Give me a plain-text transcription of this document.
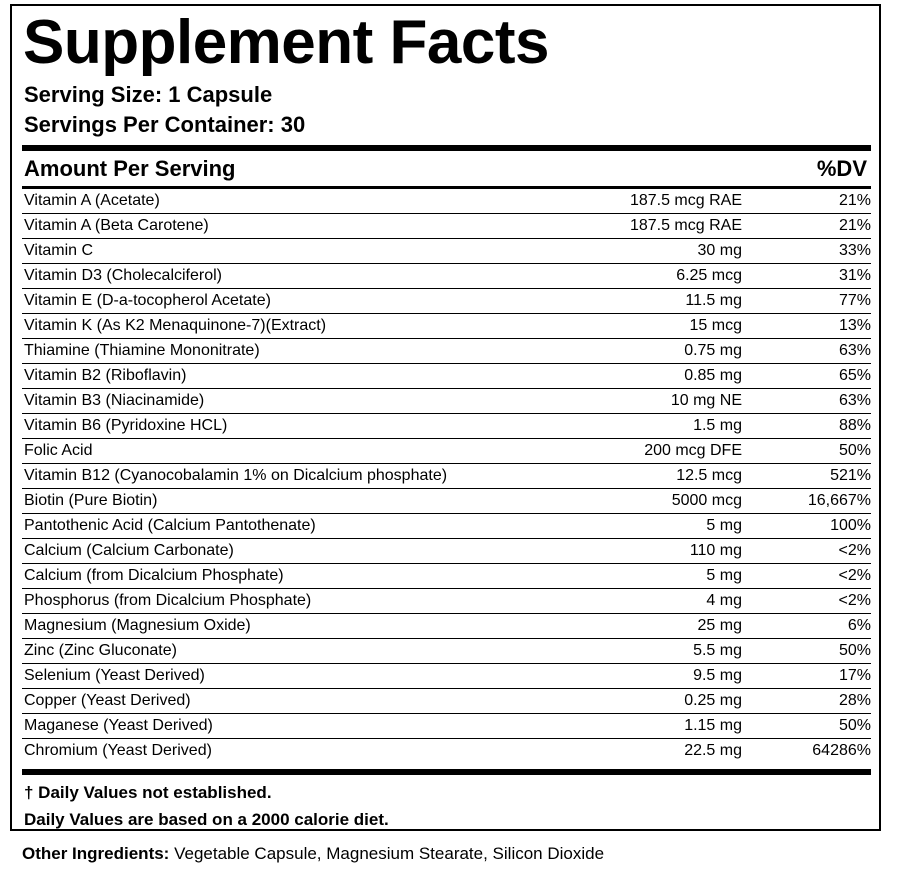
Supplement Facts
Serving Size: 1 Capsule
Servings Per Container: 30
Amount Per Serving	%DV
Vitamin A (Acetate)	187.5 mcg RAE	21%
Vitamin A (Beta Carotene)	187.5 mcg RAE	21%
Vitamin C	30 mg	33%
Vitamin D3 (Cholecalciferol)	6.25 mcg	31%
Vitamin E (D-a-tocopherol Acetate)	11.5 mg	77%
Vitamin K (As K2 Menaquinone-7)(Extract)	15 mcg	13%
Thiamine (Thiamine Mononitrate)	0.75 mg	63%
Vitamin B2 (Riboflavin)	0.85 mg	65%
Vitamin B3 (Niacinamide)	10 mg NE	63%
Vitamin B6 (Pyridoxine HCL)	1.5 mg	88%
Folic Acid	200 mcg DFE	50%
Vitamin B12 (Cyanocobalamin 1% on Dicalcium phosphate)	12.5 mcg	521%
Biotin (Pure Biotin)	5000 mcg	16,667%
Pantothenic Acid (Calcium Pantothenate)	5 mg	100%
Calcium (Calcium Carbonate)	110 mg	<2%
Calcium (from Dicalcium Phosphate)	5 mg	<2%
Phosphorus (from Dicalcium Phosphate)	4 mg	<2%
Magnesium (Magnesium Oxide)	25 mg	6%
Zinc (Zinc Gluconate)	5.5 mg	50%
Selenium (Yeast Derived)	9.5 mg	17%
Copper (Yeast Derived)	0.25 mg	28%
Maganese (Yeast Derived)	1.15 mg	50%
Chromium (Yeast Derived)	22.5 mg	64286%
† Daily Values not established.
Daily Values are based on a 2000 calorie diet.
Other Ingredients: Vegetable Capsule, Magnesium Stearate, Silicon Dioxide
